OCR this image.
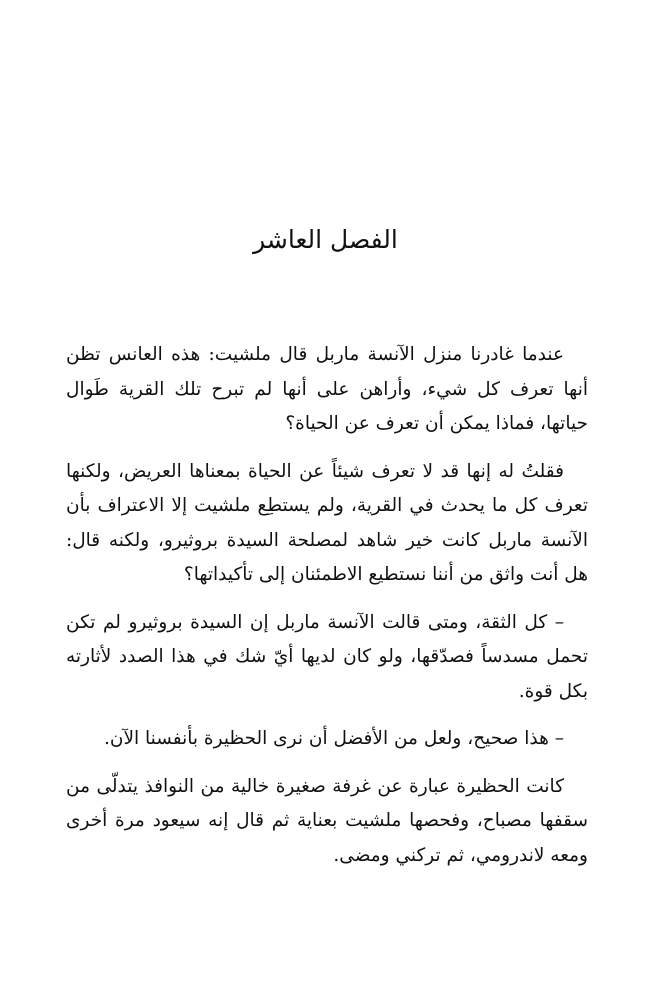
الفصل العاشر

عندما غادرنا منزل الآنسة ماربل قال ملشيت: هذه العانس تظن أنها تعرف كل شيء، وأراهن على أنها لم تبرح تلك القرية طَوال حياتها، فماذا يمكن أن تعرف عن الحياة؟

فقلتُ له إنها قد لا تعرف شيئاً عن الحياة بمعناها العريض، ولكنها تعرف كل ما يحدث في القرية، ولم يستطِع ملشيت إلا الاعتراف بأن الآنسة ماربل كانت خير شاهد لمصلحة السيدة بروثيرو، ولكنه قال: هل أنت واثق من أننا نستطيع الاطمئنان إلى تأكيداتها؟

– كل الثقة، ومتى قالت الآنسة ماربل إن السيدة بروثيرو لم تكن تحمل مسدساً فصدّقها، ولو كان لديها أيّ شك في هذا الصدد لأثارته بكل قوة.

– هذا صحيح، ولعل من الأفضل أن نرى الحظيرة بأنفسنا الآن.

كانت الحظيرة عبارة عن غرفة صغيرة خالية من النوافذ يتدلّى من سقفها مصباح، وفحصها ملشيت بعناية ثم قال إنه سيعود مرة أخرى ومعه لاندرومي، ثم تركني ومضى.
